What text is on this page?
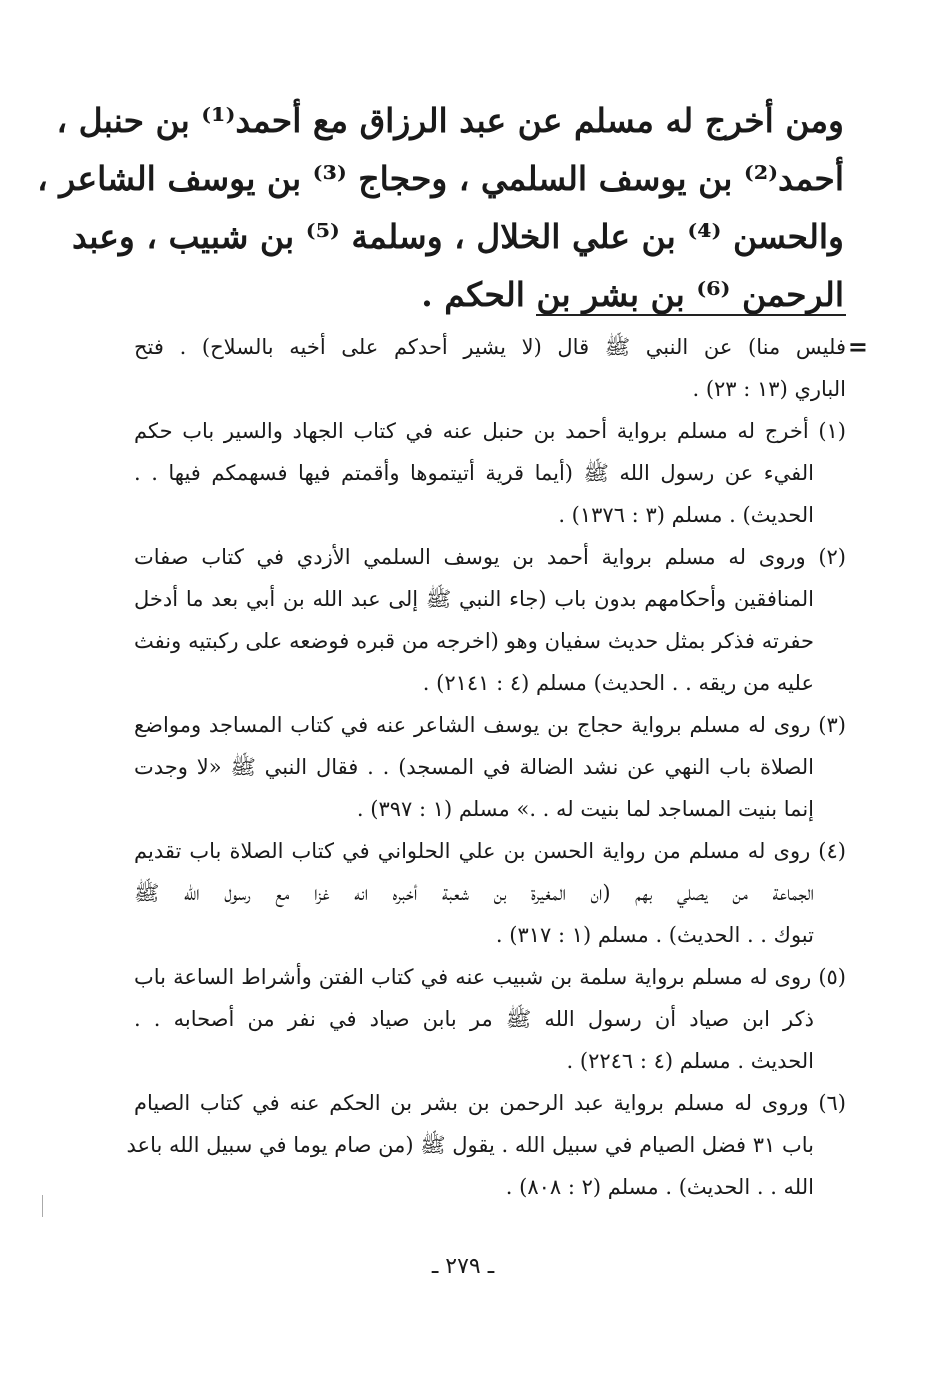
ومن أخرج له مسلم عن عبد الرزاق مع أحمد⁽¹⁾ بن حنبل ،
أحمد⁽²⁾ بن يوسف السلمي ، وحجاج ⁽³⁾ بن يوسف الشاعر ،
والحسن ⁽⁴⁾ بن علي الخلال ، وسلمة ⁽⁵⁾ بن شبيب ، وعبد
الرحمن ⁽⁶⁾ بن بشر بن الحكم .
=
فليس منا) عن النبي ﷺ قال (لا يشير أحدكم على أخيه بالسلاح) . فتح
الباري (١٣ : ٢٣) .
(١) أخرج له مسلم برواية أحمد بن حنبل عنه في كتاب الجهاد والسير باب حكم
الفيء عن رسول الله ﷺ (أيما قرية أتيتموها وأقمتم فيها فسهمكم فيها . .
الحديث) . مسلم (٣ : ١٣٧٦) .
(٢) وروى له مسلم برواية أحمد بن يوسف السلمي الأزدي في كتاب صفات
المنافقين وأحكامهم بدون باب (جاء النبي ﷺ إلى عبد الله بن أبي بعد ما أدخل
حفرته فذكر بمثل حديث سفيان وهو (اخرجه من قبره فوضعه على ركبتيه ونفث
عليه من ريقه . . الحديث) مسلم (٤ : ٢١٤١) .
(٣) روى له مسلم برواية حجاج بن يوسف الشاعر عنه في كتاب المساجد ومواضع
الصلاة باب النهي عن نشد الضالة في المسجد) . . فقال النبي ﷺ «لا وجدت
إنما بنيت المساجد لما بنيت له . .» مسلم (١ : ٣٩٧) .
(٤) روى له مسلم من رواية الحسن بن علي الحلواني في كتاب الصلاة باب تقديم
الجماعة من يصلي بهم (ان المغيرة بن شعبة أخبره انه غزا مع رسول الله ﷺ
تبوك . . الحديث) . مسلم (١ : ٣١٧) .
(٥) روى له مسلم برواية سلمة بن شبيب عنه في كتاب الفتن وأشراط الساعة باب
ذكر ابن صياد أن رسول الله ﷺ مر بابن صياد في نفر من أصحابه . .
الحديث . مسلم (٤ : ٢٢٤٦) .
(٦) وروى له مسلم برواية عبد الرحمن بن بشر بن الحكم عنه في كتاب الصيام
باب ٣١ فضل الصيام في سبيل الله . يقول ﷺ (من صام يوما في سبيل الله باعد
الله . . الحديث) . مسلم (٢ : ٨٠٨) .
ـ ٢٧٩ ـ
